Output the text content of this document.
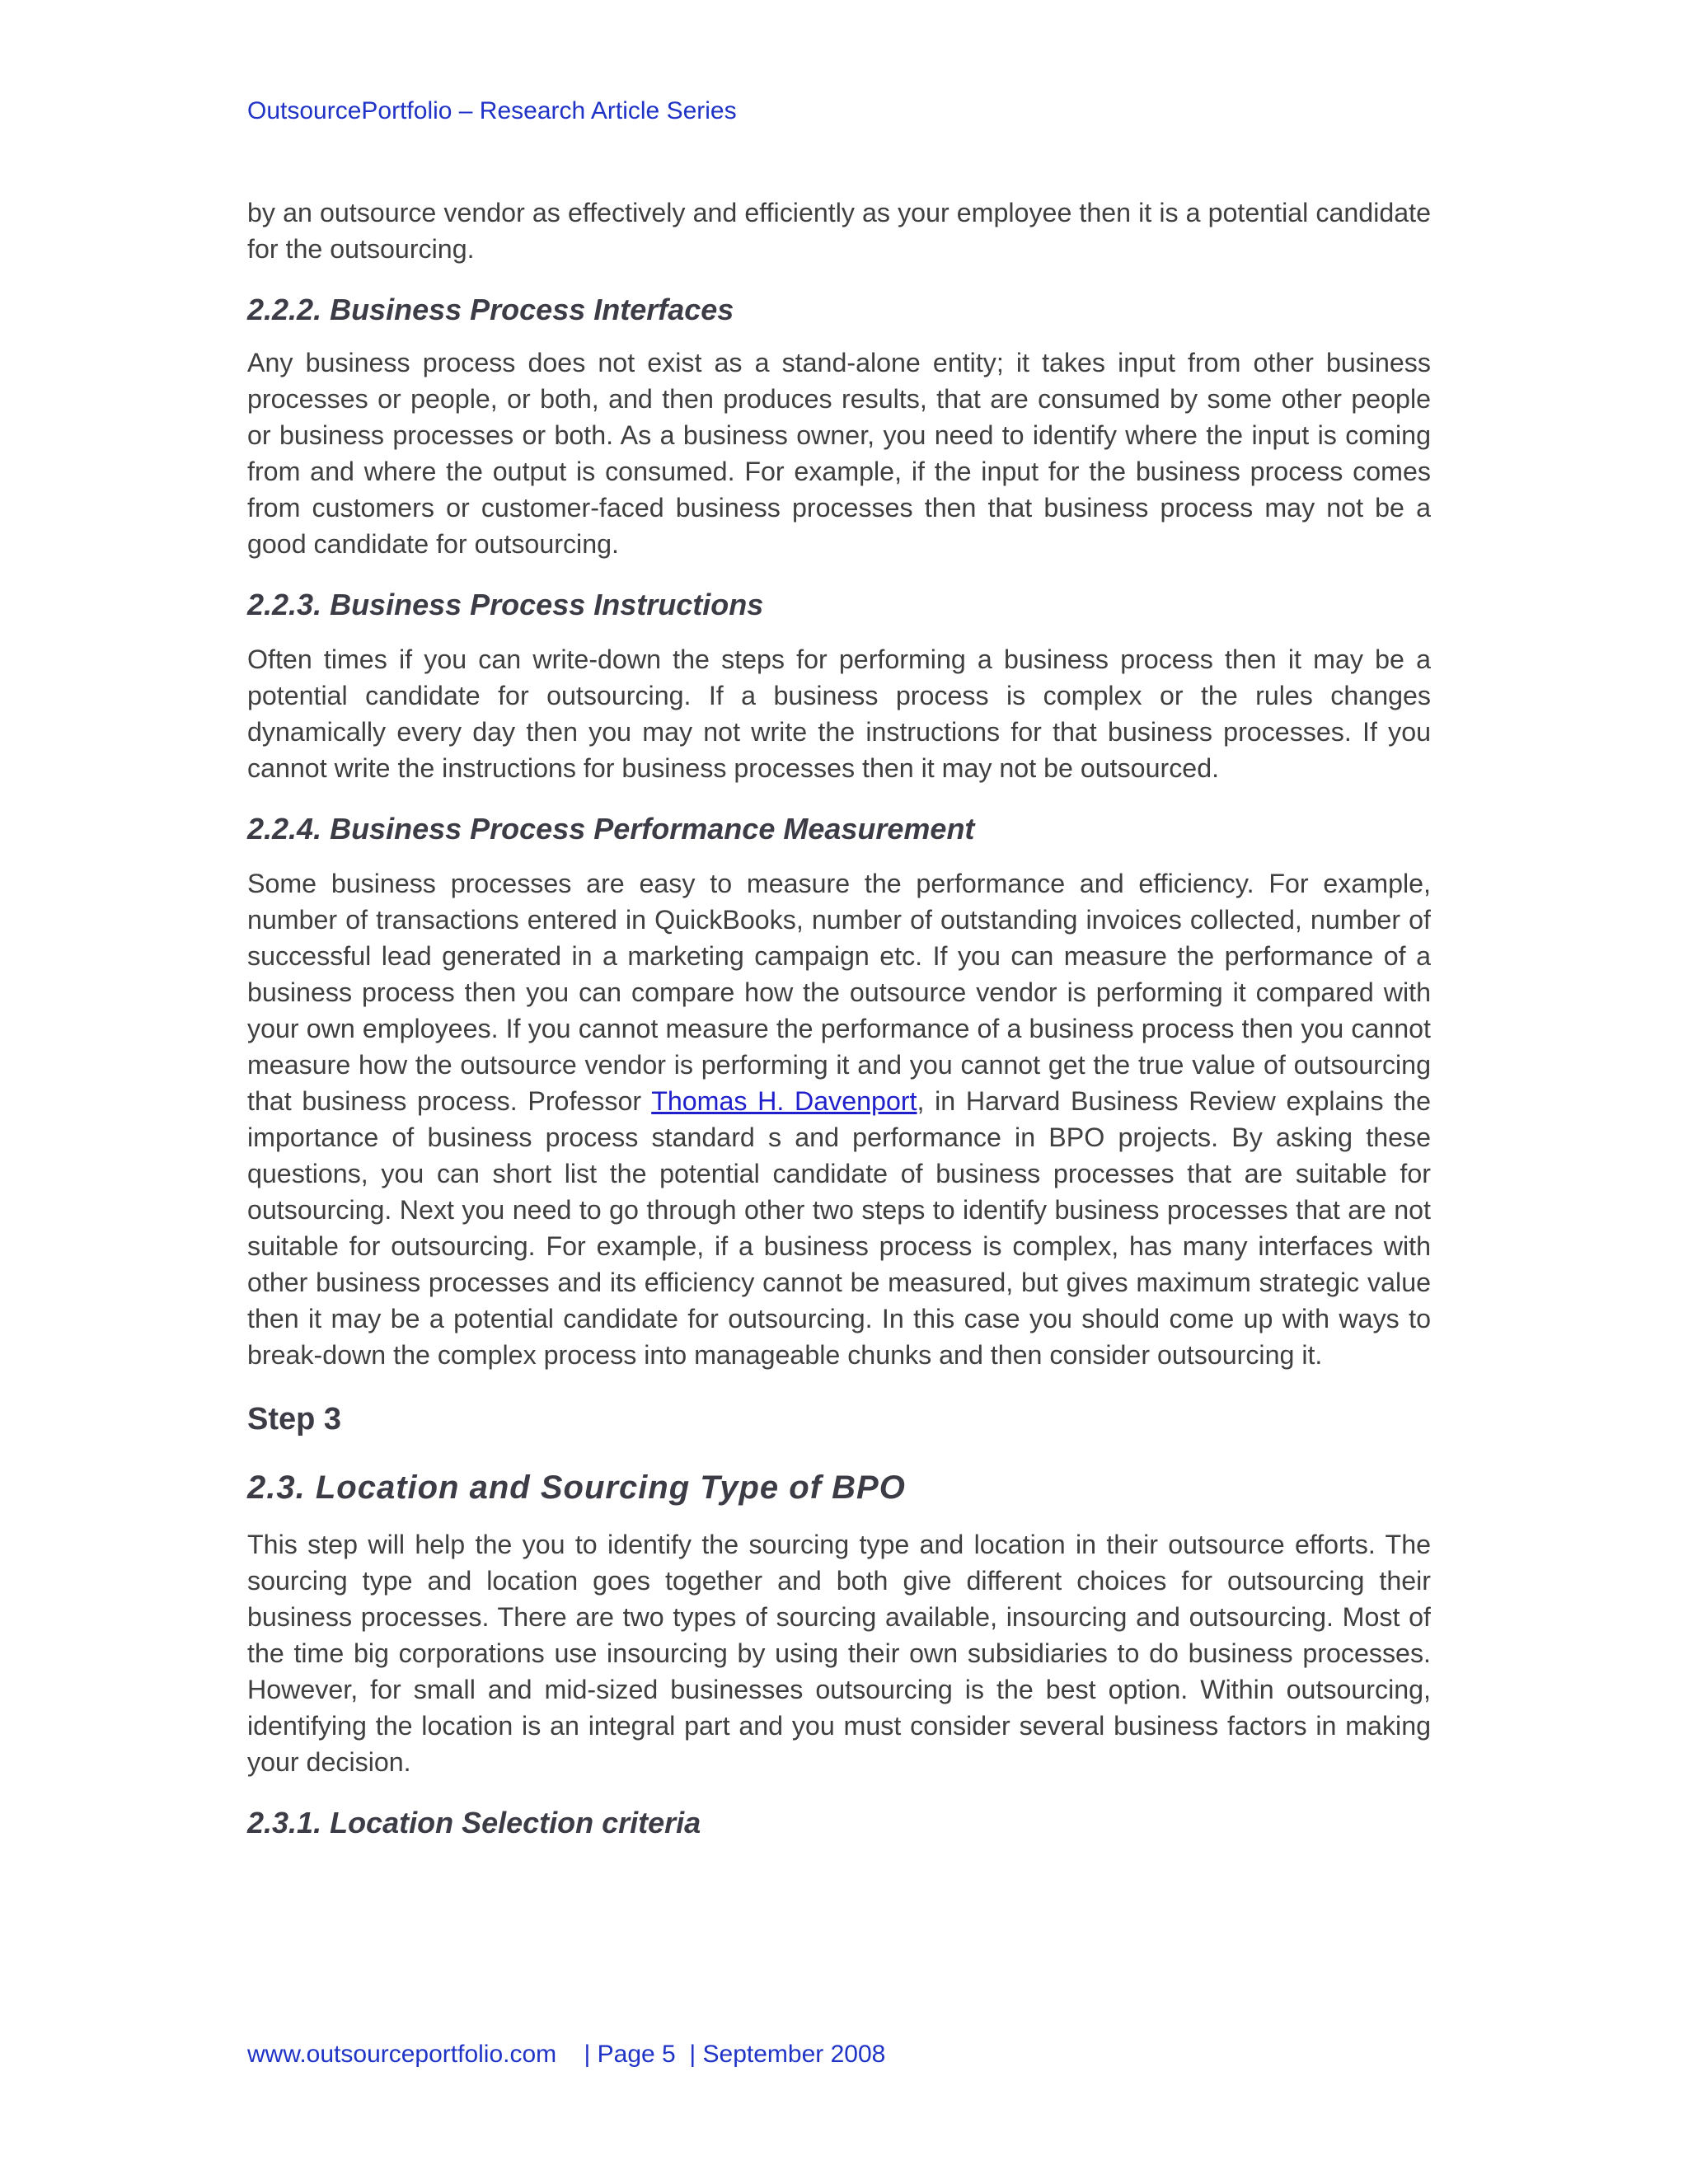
OutsourcePortfolio – Research Article Series

by an outsource vendor as effectively and efficiently as your employee then it is a potential candidate for the outsourcing.

2.2.2. Business Process Interfaces

Any business process does not exist as a stand-alone entity; it takes input from other business processes or people, or both, and then produces results, that are consumed by some other people or business processes or both. As a business owner, you need to identify where the input is coming from and where the output is consumed. For example, if the input for the business process comes from customers or customer-faced business processes then that business process may not be a good candidate for outsourcing.

2.2.3. Business Process Instructions

Often times if you can write-down the steps for performing a business process then it may be a potential candidate for outsourcing. If a business process is complex or the rules changes dynamically every day then you may not write the instructions for that business processes. If you cannot write the instructions for business processes then it may not be outsourced.

2.2.4. Business Process Performance Measurement

Some business processes are easy to measure the performance and efficiency. For example, number of transactions entered in QuickBooks, number of outstanding invoices collected, number of successful lead generated in a marketing campaign etc. If you can measure the performance of a business process then you can compare how the outsource vendor is performing it compared with your own employees. If you cannot measure the performance of a business process then you cannot measure how the outsource vendor is performing it and you cannot get the true value of outsourcing that business process. Professor Thomas H. Davenport, in Harvard Business Review explains the importance of business process standard s and performance in BPO projects. By asking these questions, you can short list the potential candidate of business processes that are suitable for outsourcing. Next you need to go through other two steps to identify business processes that are not suitable for outsourcing. For example, if a business process is complex, has many interfaces with other business processes and its efficiency cannot be measured, but gives maximum strategic value then it may be a potential candidate for outsourcing. In this case you should come up with ways to break-down the complex process into manageable chunks and then consider outsourcing it.

Step 3
2.3. Location and Sourcing Type of BPO

This step will help the you to identify the sourcing type and location in their outsource efforts. The sourcing type and location goes together and both give different choices for outsourcing their business processes. There are two types of sourcing available, insourcing and outsourcing. Most of the time big corporations use insourcing by using their own subsidiaries to do business processes. However, for small and mid-sized businesses outsourcing is the best option. Within outsourcing, identifying the location is an integral part and you must consider several business factors in making your decision.

2.3.1. Location Selection criteria
www.outsourceportfolio.com | Page 5 | September 2008
